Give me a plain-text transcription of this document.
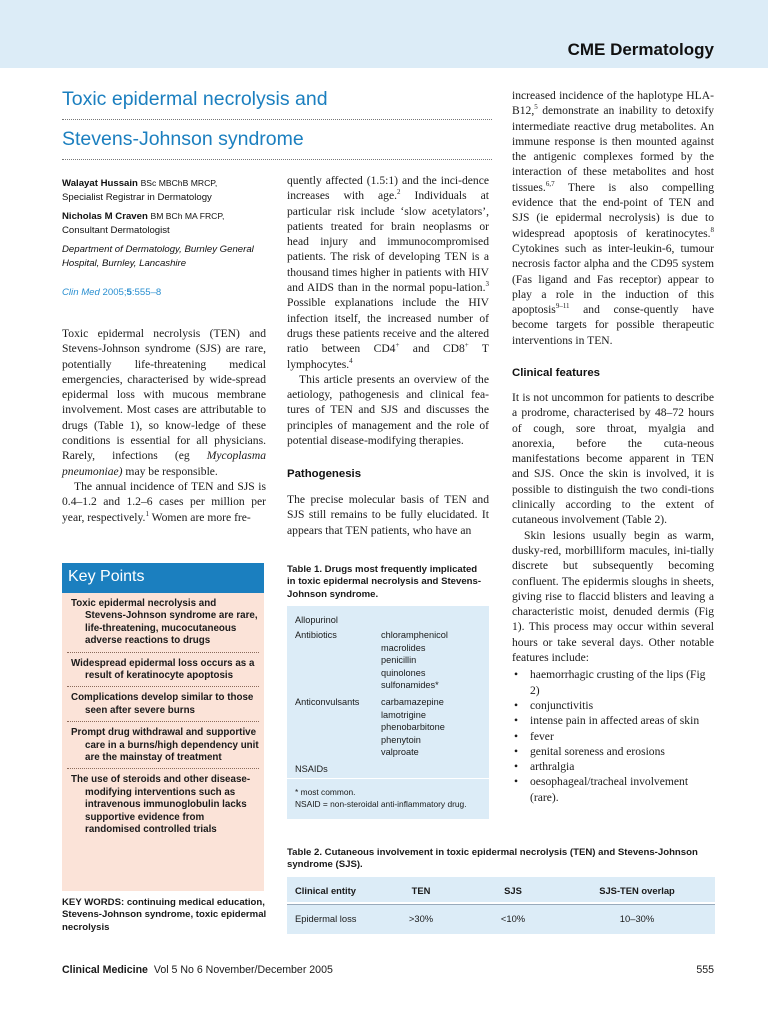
CME Dermatology
Toxic epidermal necrolysis and
Stevens-Johnson syndrome
Walayat Hussain BSc MBChB MRCP,
Specialist Registrar in Dermatology
Nicholas M Craven BM BCh MA FRCP,
Consultant Dermatologist
Department of Dermatology, Burnley General Hospital, Burnley, Lancashire
Clin Med 2005;5:555–8

Toxic epidermal necrolysis (TEN) and Stevens-Johnson syndrome (SJS) are rare, potentially life-threatening medical emergencies, characterised by wide-spread epidermal loss with mucous membrane involvement. Most cases are attributable to drugs (Table 1), so know-ledge of these conditions is essential for all physicians. Rarely, infections (eg Mycoplasma pneumoniae) may be responsible.

The annual incidence of TEN and SJS is 0.4–1.2 and 1.2–6 cases per million per year, respectively.$^1$ Women are more fre-

quently affected (1.5:1) and the inci-dence increases with age.$^2$ Individuals at particular risk include ‘slow acetylators’, patients treated for brain neoplasms or head injury and immunocompromised patients. The risk of developing TEN is a thousand times higher in patients with HIV and AIDS than in the normal popu-lation.$^3$ Possible explanations include the HIV infection itself, the increased number of drugs these patients receive and the altered ratio between CD4+ and CD8+ T lymphocytes.$^4$

This article presents an overview of the aetiology, pathogenesis and clinical fea-tures of TEN and SJS and discusses the principles of management and the role of potential disease-modifying therapies.

Pathogenesis

The precise molecular basis of TEN and SJS still remains to be fully elucidated. It appears that TEN patients, who have an

increased incidence of the haplotype HLA-B12,$^5$ demonstrate an inability to detoxify intermediate reactive drug metabolites. An immune response is then mounted against the antigenic complexes formed by the interaction of these metabolites and host tissues.$^{6,7}$ There is also compelling evidence that the end-point of TEN and SJS (ie epidermal necrolysis) is due to widespread apoptosis of keratinocytes.$^8$ Cytokines such as inter-leukin-6, tumour necrosis factor alpha and the CD95 system (Fas ligand and Fas receptor) appear to play a role in the induction of this apoptosis$^{9-11}$ and conse-quently have become targets for possible therapeutic interventions in TEN.

Clinical features

It is not uncommon for patients to describe a prodrome, characterised by 48–72 hours of cough, sore throat, myalgia and anorexia, before the cuta-neous manifestations become apparent in TEN and SJS. Once the skin is involved, it is possible to distinguish the two condi-tions clinically according to the extent of cutaneous involvement (Table 2).

Skin lesions usually begin as warm, dusky-red, morbilliform macules, ini-tially discrete but subsequently becoming confluent. The epidermis sloughs in sheets, giving rise to flaccid blisters and leaving a characteristic moist, denuded dermis (Fig 1). This process may occur within several hours or take several days. Other notable features include:

• haemorrhagic crusting of the lips (Fig 2)
• conjunctivitis
• intense pain in affected areas of skin
• fever
• genital soreness and erosions
• arthralgia
• oesophageal/tracheal involvement (rare).
Key Points
Toxic epidermal necrolysis and Stevens-Johnson syndrome are rare, life-threatening, mucocutaneous adverse reactions to drugs
Widespread epidermal loss occurs as a result of keratinocyte apoptosis
Complications develop similar to those seen after severe burns
Prompt drug withdrawal and supportive care in a burns/high dependency unit are the mainstay of treatment
The use of steroids and other disease-modifying interventions such as intravenous immunoglobulin lacks supportive evidence from randomised controlled trials
KEY WORDS: continuing medical education, Stevens-Johnson syndrome, toxic epidermal necrolysis
Table 1. Drugs most frequently implicated in toxic epidermal necrolysis and Stevens-Johnson syndrome.
Allopurinol
Antibiotics	chloramphenicol
macrolides
penicillin
quinolones
sulfonamides*
Anticonvulsants carbamazepine
lamotrigine
phenobarbitone
phenytoin
valproate
NSAIDs
* most common.
NSAID = non-steroidal anti-inflammatory drug.
Table 2. Cutaneous involvement in toxic epidermal necrolysis (TEN) and Stevens-Johnson syndrome (SJS).
Clinical entity	TEN	SJS	SJS-TEN overlap
Epidermal loss	>30%	<10%	10–30%
Clinical Medicine Vol 5 No 6 November/December 2005	555
